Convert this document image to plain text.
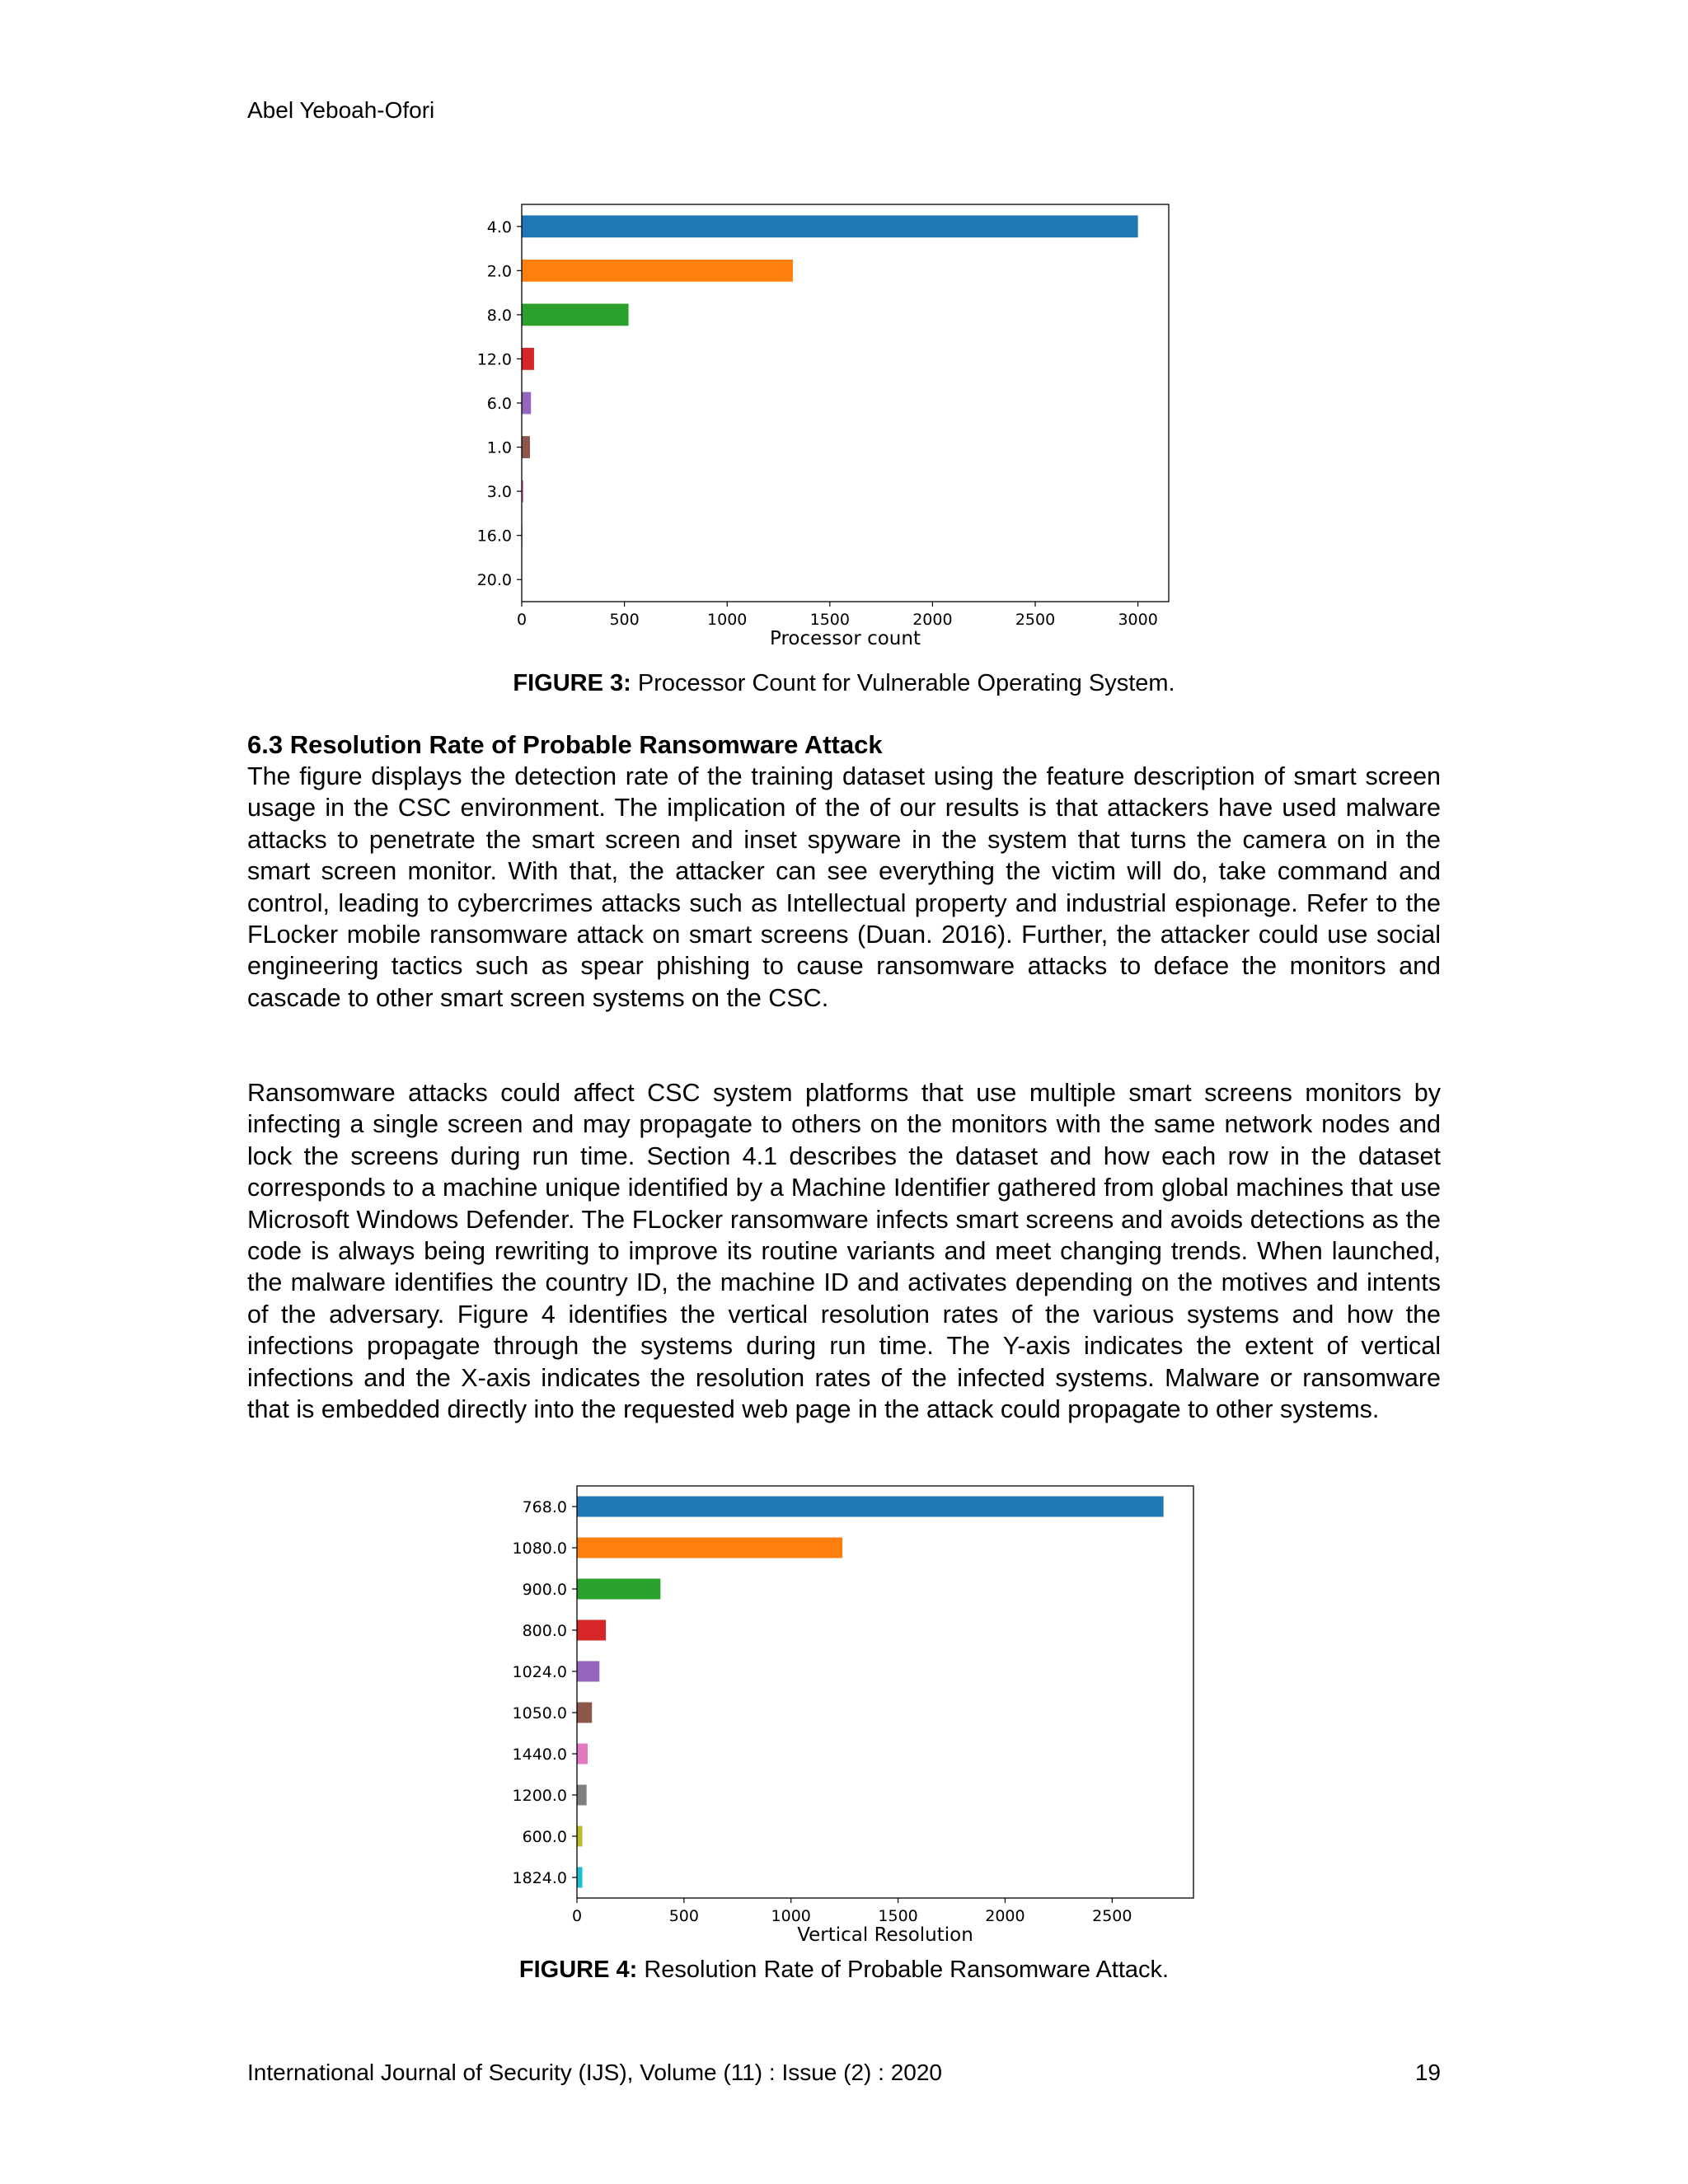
Abel Yeboah-Ofori
4.0
2.0
8.0
12.0
6.0
1.0
3.0
16.0
20.0
0	500	1000	1500	2000	2500	3000
Processor count
FIGURE 3: Processor Count for Vulnerable Operating System.
6.3 Resolution Rate of Probable Ransomware Attack

The figure displays the detection rate of the training dataset using the feature description of smart screen usage in the CSC environment. The implication of the of our results is that attackers have used malware attacks to penetrate the smart screen and inset spyware in the system that turns the camera on in the smart screen monitor. With that, the attacker can see everything the victim will do, take command and control, leading to cybercrimes attacks such as Intellectual property and industrial espionage. Refer to the FLocker mobile ransomware attack on smart screens (Duan. 2016). Further, the attacker could use social engineering tactics such as spear phishing to cause ransomware attacks to deface the monitors and cascade to other smart screen systems on the CSC.

Ransomware attacks could affect CSC system platforms that use multiple smart screens monitors by infecting a single screen and may propagate to others on the monitors with the same network nodes and lock the screens during run time. Section 4.1 describes the dataset and how each row in the dataset corresponds to a machine unique identified by a Machine Identifier gathered from global machines that use Microsoft Windows Defender. The FLocker ransomware infects smart screens and avoids detections as the code is always being rewriting to improve its routine variants and meet changing trends. When launched, the malware identifies the country ID, the machine ID and activates depending on the motives and intents of the adversary. Figure 4 identifies the vertical resolution rates of the various systems and how the infections propagate through the systems during run time. The Y-axis indicates the extent of vertical infections and the X-axis indicates the resolution rates of the infected systems. Malware or ransomware that is embedded directly into the requested web page in the attack could propagate to other systems.

768.0
1080.0
900.0
800.0
1024.0
1050.0
1440.0
1200.0
600.0
1824.0
0	500	1000	1500	2000	2500
Vertical Resolution
FIGURE 4: Resolution Rate of Probable Ransomware Attack.
International Journal of Security (IJS), Volume (11) : Issue (2) : 2020	19
